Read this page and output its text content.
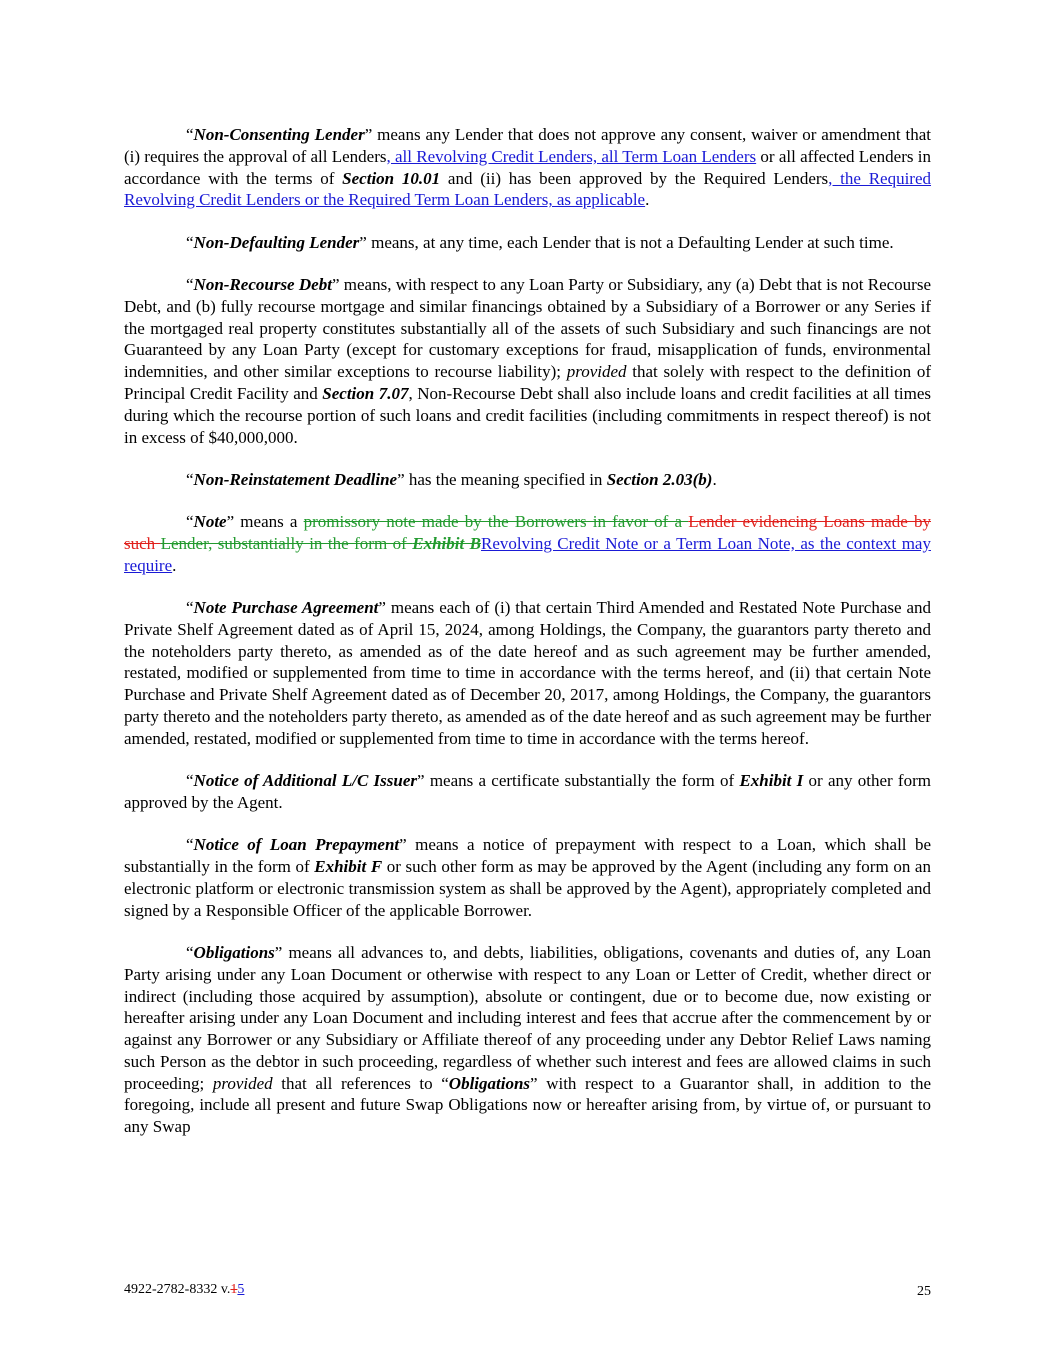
“Non-Consenting Lender” means any Lender that does not approve any consent, waiver or amendment that (i) requires the approval of all Lenders, all Revolving Credit Lenders, all Term Loan Lenders or all affected Lenders in accordance with the terms of Section 10.01 and (ii) has been approved by the Required Lenders, the Required Revolving Credit Lenders or the Required Term Loan Lenders, as applicable.

“Non-Defaulting Lender” means, at any time, each Lender that is not a Defaulting Lender at such time.

“Non-Recourse Debt” means, with respect to any Loan Party or Subsidiary, any (a) Debt that is not Recourse Debt, and (b) fully recourse mortgage and similar financings obtained by a Subsidiary of a Borrower or any Series if the mortgaged real property constitutes substantially all of the assets of such Subsidiary and such financings are not Guaranteed by any Loan Party (except for customary exceptions for fraud, misapplication of funds, environmental indemnities, and other similar exceptions to recourse liability); provided that solely with respect to the definition of Principal Credit Facility and Section 7.07, Non-Recourse Debt shall also include loans and credit facilities at all times during which the recourse portion of such loans and credit facilities (including commitments in respect thereof) is not in excess of $40,000,000.

“Non-Reinstatement Deadline” has the meaning specified in Section 2.03(b).

“Note” means a promissory note made by the Borrowers in favor of a Lender evidencing Loans made by such Lender, substantially in the form of Exhibit BRevolving Credit Note or a Term Loan Note, as the context may require.

“Note Purchase Agreement” means each of (i) that certain Third Amended and Restated Note Purchase and Private Shelf Agreement dated as of April 15, 2024, among Holdings, the Company, the guarantors party thereto and the noteholders party thereto, as amended as of the date hereof and as such agreement may be further amended, restated, modified or supplemented from time to time in accordance with the terms hereof, and (ii) that certain Note Purchase and Private Shelf Agreement dated as of December 20, 2017, among Holdings, the Company, the guarantors party thereto and the noteholders party thereto, as amended as of the date hereof and as such agreement may be further amended, restated, modified or supplemented from time to time in accordance with the terms hereof.

“Notice of Additional L/C Issuer” means a certificate substantially the form of Exhibit I or any other form approved by the Agent.

“Notice of Loan Prepayment” means a notice of prepayment with respect to a Loan, which shall be substantially in the form of Exhibit F or such other form as may be approved by the Agent (including any form on an electronic platform or electronic transmission system as shall be approved by the Agent), appropriately completed and signed by a Responsible Officer of the applicable Borrower.

“Obligations” means all advances to, and debts, liabilities, obligations, covenants and duties of, any Loan Party arising under any Loan Document or otherwise with respect to any Loan or Letter of Credit, whether direct or indirect (including those acquired by assumption), absolute or contingent, due or to become due, now existing or hereafter arising under any Loan Document and including interest and fees that accrue after the commencement by or against any Borrower or any Subsidiary or Affiliate thereof of any proceeding under any Debtor Relief Laws naming such Person as the debtor in such proceeding, regardless of whether such interest and fees are allowed claims in such proceeding; provided that all references to “Obligations” with respect to a Guarantor shall, in addition to the foregoing, include all present and future Swap Obligations now or hereafter arising from, by virtue of, or pursuant to any Swap

4922-2782-8332 v.15	25
